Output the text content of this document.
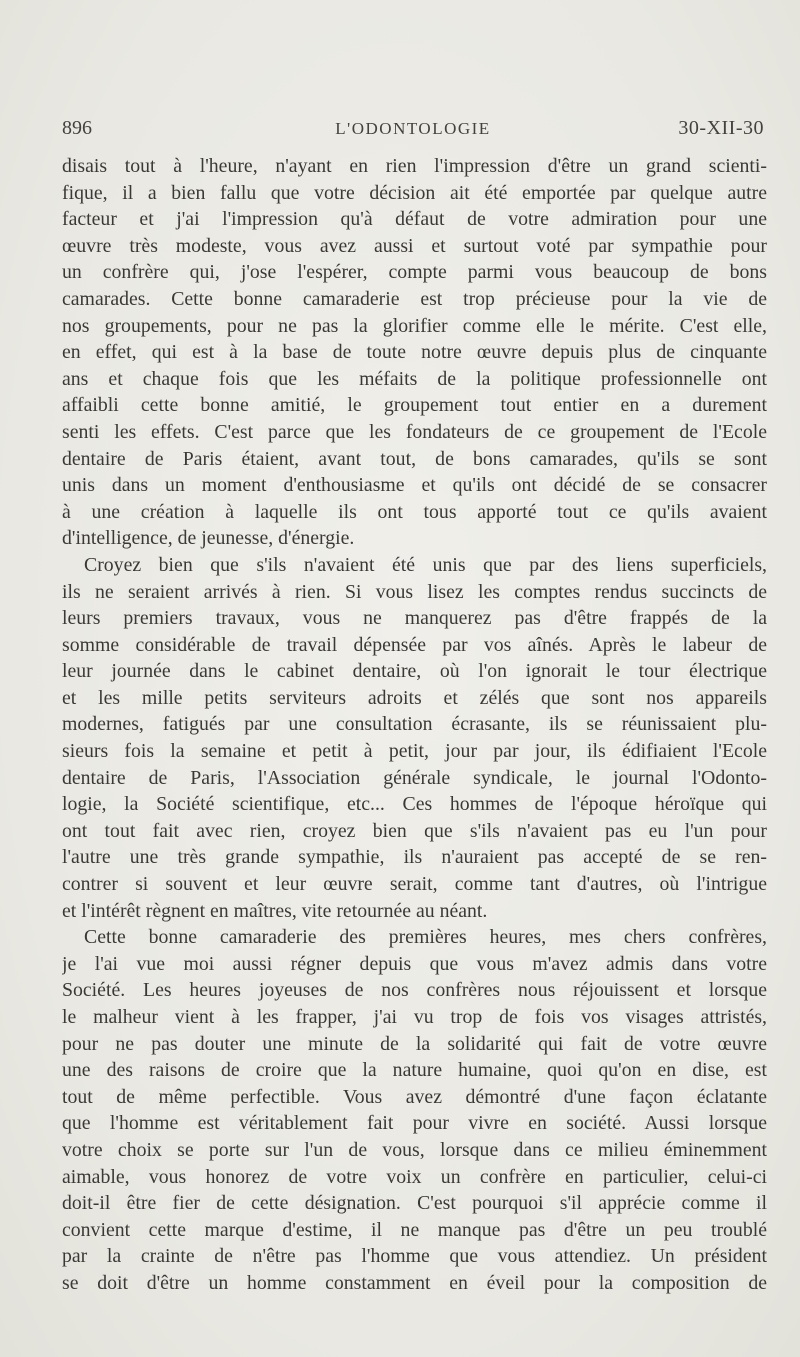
896	L'ODONTOLOGIE	30-XII-30
disais tout à l'heure, n'ayant en rien l'impression d'être un grand scienti-
fique, il a bien fallu que votre décision ait été emportée par quelque autre
facteur et j'ai l'impression qu'à défaut de votre admiration pour une
œuvre très modeste, vous avez aussi et surtout voté par sympathie pour
un confrère qui, j'ose l'espérer, compte parmi vous beaucoup de bons
camarades. Cette bonne camaraderie est trop précieuse pour la vie de
nos groupements, pour ne pas la glorifier comme elle le mérite. C'est elle,
en effet, qui est à la base de toute notre œuvre depuis plus de cinquante
ans et chaque fois que les méfaits de la politique professionnelle ont
affaibli cette bonne amitié, le groupement tout entier en a durement
senti les effets. C'est parce que les fondateurs de ce groupement de l'Ecole
dentaire de Paris étaient, avant tout, de bons camarades, qu'ils se sont
unis dans un moment d'enthousiasme et qu'ils ont décidé de se consacrer
à une création à laquelle ils ont tous apporté tout ce qu'ils avaient
d'intelligence, de jeunesse, d'énergie.
Croyez bien que s'ils n'avaient été unis que par des liens superficiels,
ils ne seraient arrivés à rien. Si vous lisez les comptes rendus succincts de
leurs premiers travaux, vous ne manquerez pas d'être frappés de la
somme considérable de travail dépensée par vos aînés. Après le labeur de
leur journée dans le cabinet dentaire, où l'on ignorait le tour électrique
et les mille petits serviteurs adroits et zélés que sont nos appareils
modernes, fatigués par une consultation écrasante, ils se réunissaient plu-
sieurs fois la semaine et petit à petit, jour par jour, ils édifiaient l'Ecole
dentaire de Paris, l'Association générale syndicale, le journal l'Odonto-
logie, la Société scientifique, etc... Ces hommes de l'époque héroïque qui
ont tout fait avec rien, croyez bien que s'ils n'avaient pas eu l'un pour
l'autre une très grande sympathie, ils n'auraient pas accepté de se ren-
contrer si souvent et leur œuvre serait, comme tant d'autres, où l'intrigue
et l'intérêt règnent en maîtres, vite retournée au néant.
Cette bonne camaraderie des premières heures, mes chers confrères,
je l'ai vue moi aussi régner depuis que vous m'avez admis dans votre
Société. Les heures joyeuses de nos confrères nous réjouissent et lorsque
le malheur vient à les frapper, j'ai vu trop de fois vos visages attristés,
pour ne pas douter une minute de la solidarité qui fait de votre œuvre
une des raisons de croire que la nature humaine, quoi qu'on en dise, est
tout de même perfectible. Vous avez démontré d'une façon éclatante
que l'homme est véritablement fait pour vivre en société. Aussi lorsque
votre choix se porte sur l'un de vous, lorsque dans ce milieu éminemment
aimable, vous honorez de votre voix un confrère en particulier, celui-ci
doit-il être fier de cette désignation. C'est pourquoi s'il apprécie comme il
convient cette marque d'estime, il ne manque pas d'être un peu troublé
par la crainte de n'être pas l'homme que vous attendiez. Un président
se doit d'être un homme constamment en éveil pour la composition de
